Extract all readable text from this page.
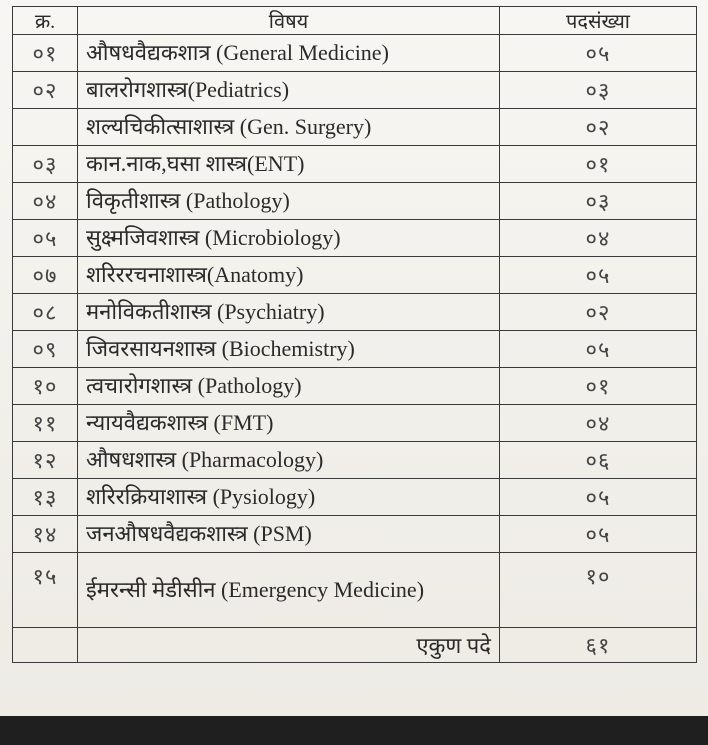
क्र.	विषय	पदसंख्या
०१	औषधवैद्यकशात्र (General Medicine)	०५
०२	बालरोगशास्त्र(Pediatrics)	०३
	शल्यचिकीत्साशास्त्र (Gen. Surgery)	०२
०३	कान.नाक,घसा शास्त्र(ENT)	०१
०४	विकृतीशास्त्र (Pathology)	०३
०५	सुक्ष्मजिवशास्त्र (Microbiology)	०४
०७	शरिररचनाशास्त्र(Anatomy)	०५
०८	मनोविकतीशास्त्र (Psychiatry)	०२
०९	जिवरसायनशास्त्र (Biochemistry)	०५
१०	त्वचारोगशास्त्र (Pathology)	०१
११	न्यायवैद्यकशास्त्र (FMT)	०४
१२	औषधशास्त्र (Pharmacology)	०६
१३	शरिरक्रियाशास्त्र (Pysiology)	०५
१४	जनऔषधवैद्यकशास्त्र (PSM)	०५
१५	ईमरन्सी मेडीसीन (Emergency Medicine)	१०
	एकुण पदे	६१
